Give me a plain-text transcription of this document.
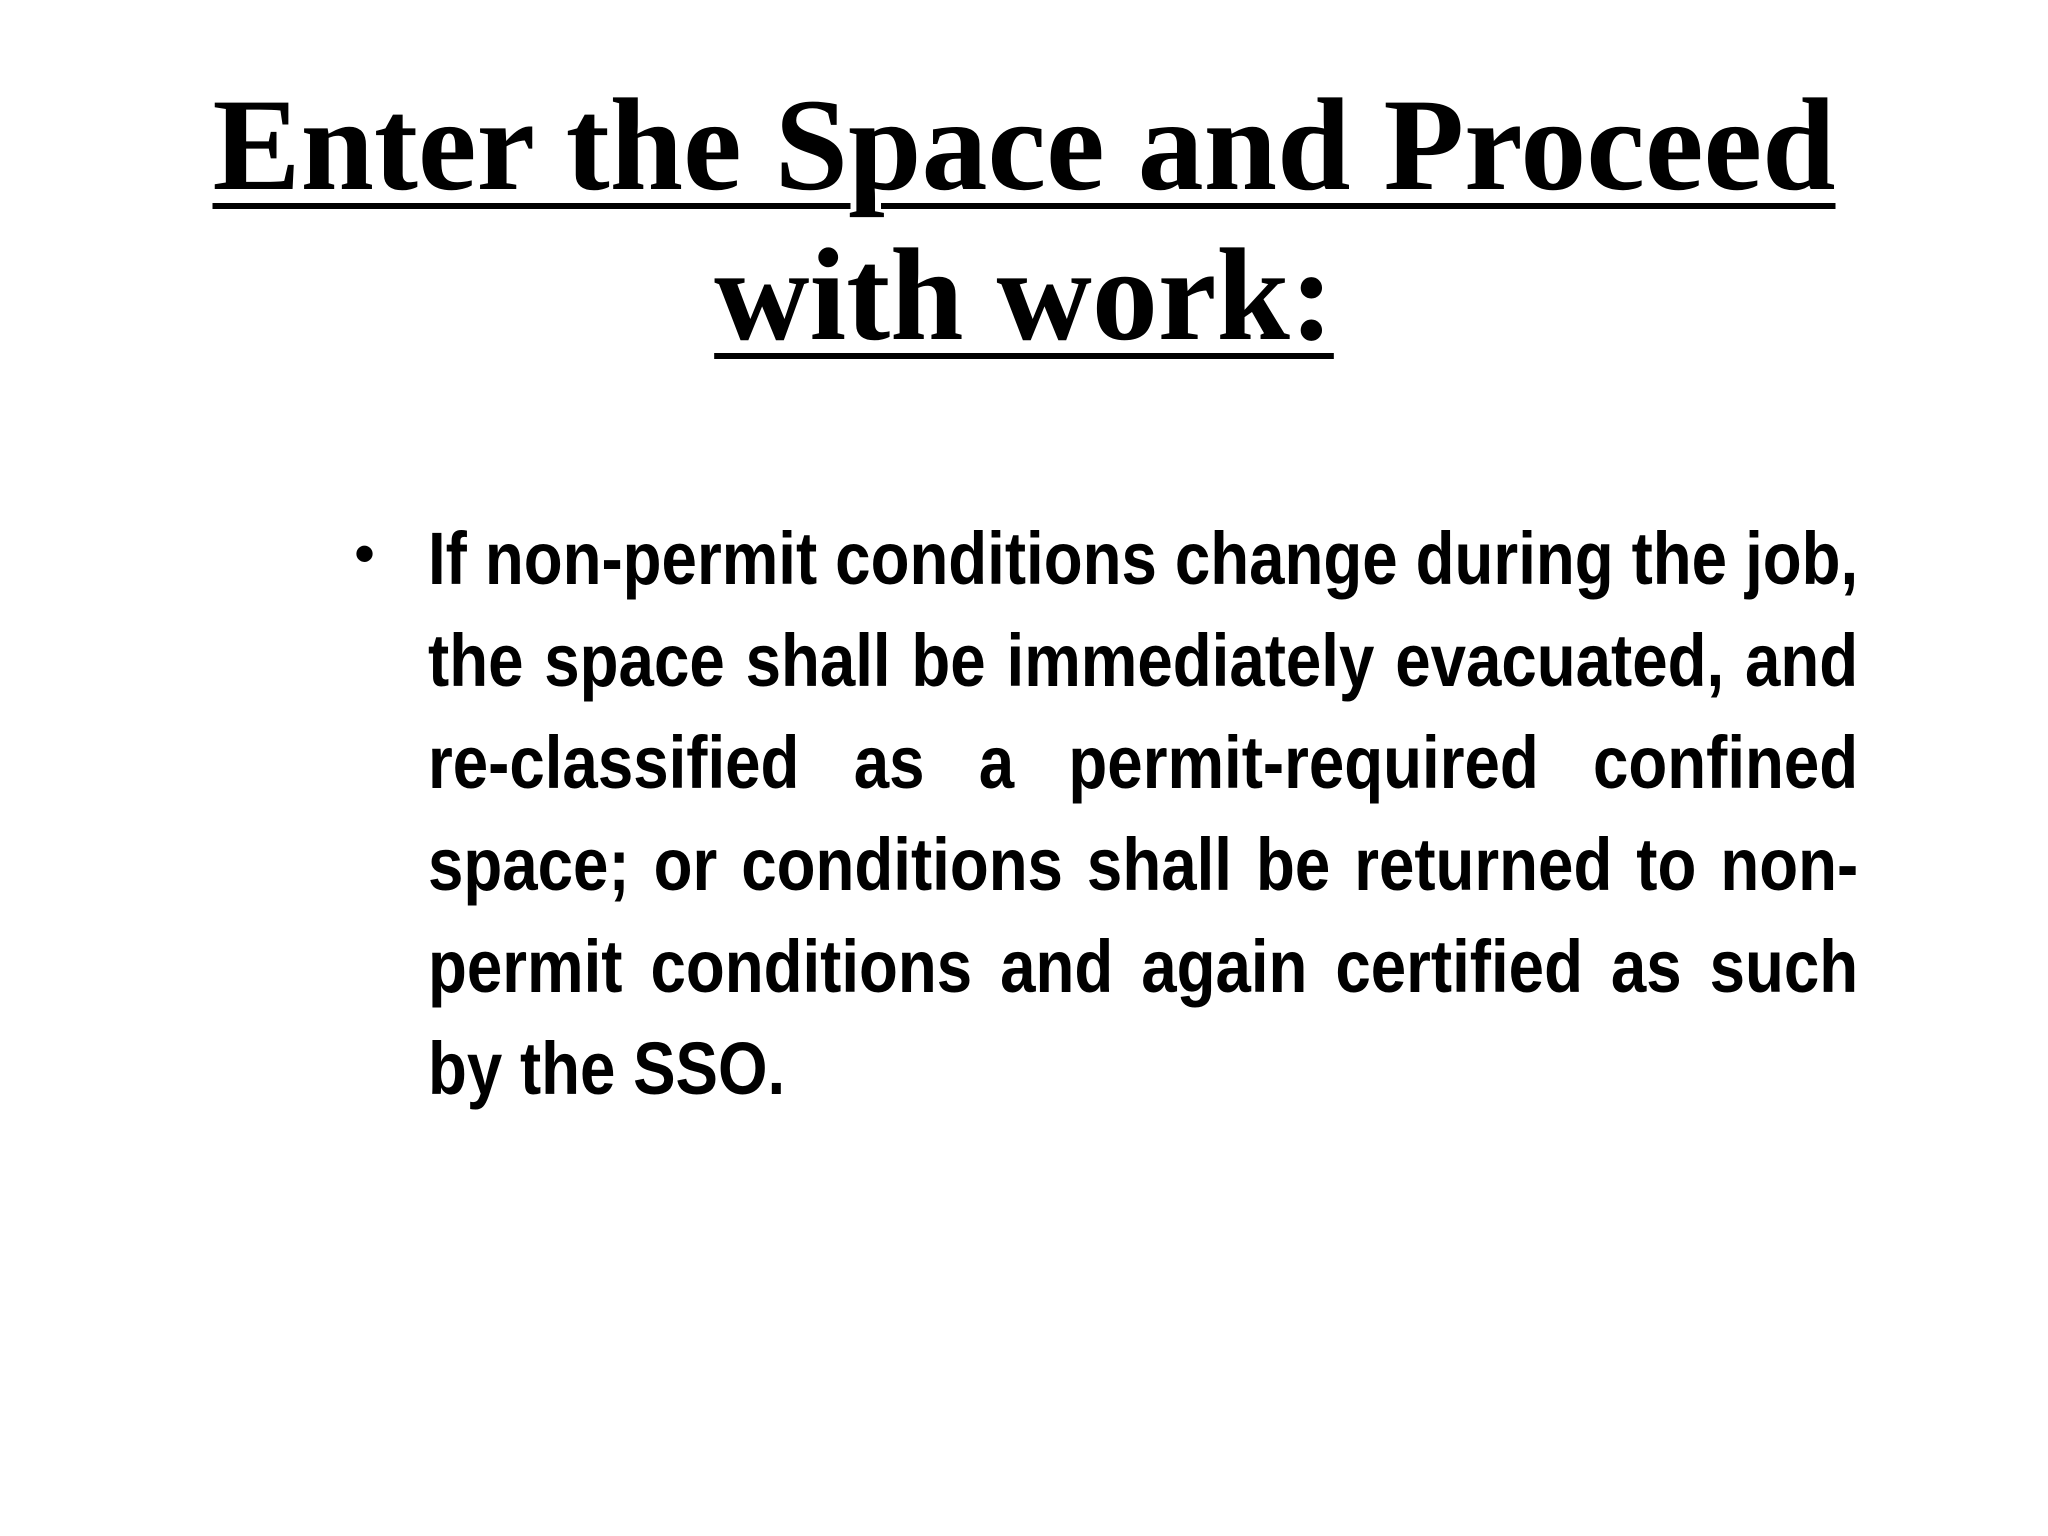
Enter the Space and Proceed
with work:
• If non-permit conditions change during the job, the space shall be immediately evacuated, and re-classified as a permit-required confined space; or conditions shall be returned to non-permit conditions and again certified as such by the SSO.
